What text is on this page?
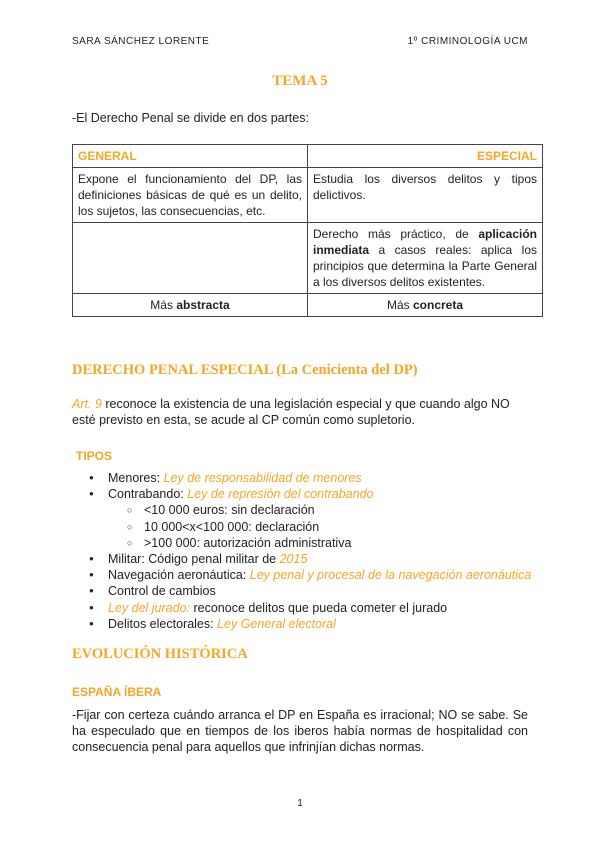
SARA SÁNCHEZ LORENTE	1º CRIMINOLOGÍA UCM
TEMA 5
-El Derecho Penal se divide en dos partes:
GENERAL	ESPECIAL
Expone el funcionamiento del DP, las definiciones básicas de qué es un delito, los sujetos, las consecuencias, etc.	Estudia los diversos delitos y tipos delictivos.
	Derecho más práctico, de aplicación inmediata a casos reales: aplica los principios que determina la Parte General a los diversos delitos existentes.
Más abstracta	Más concreta
DERECHO PENAL ESPECIAL (La Cenicienta del DP)
Art. 9 reconoce la existencia de una legislación especial y que cuando algo NO esté previsto en esta, se acude al CP común como supletorio.
TIPOS
● Menores: Ley de responsabilidad de menores
● Contrabando: Ley de represión del contrabando
○ <10 000 euros: sin declaración
○ 10 000<x<100 000: declaración
○ >100 000: autorización administrativa
● Militar: Código penal militar de 2015
● Navegación aeronáutica: Ley penal y procesal de la navegación aeronáutica
● Control de cambios
● Ley del jurado: reconoce delitos que pueda cometer el jurado
● Delitos electorales: Ley General electoral
EVOLUCIÓN HISTÓRICA
ESPAÑA ÍBERA
-Fijar con certeza cuándo arranca el DP en España es irracional; NO se sabe. Se ha especulado que en tiempos de los iberos había normas de hospitalidad con consecuencia penal para aquellos que infrinjían dichas normas.
1
